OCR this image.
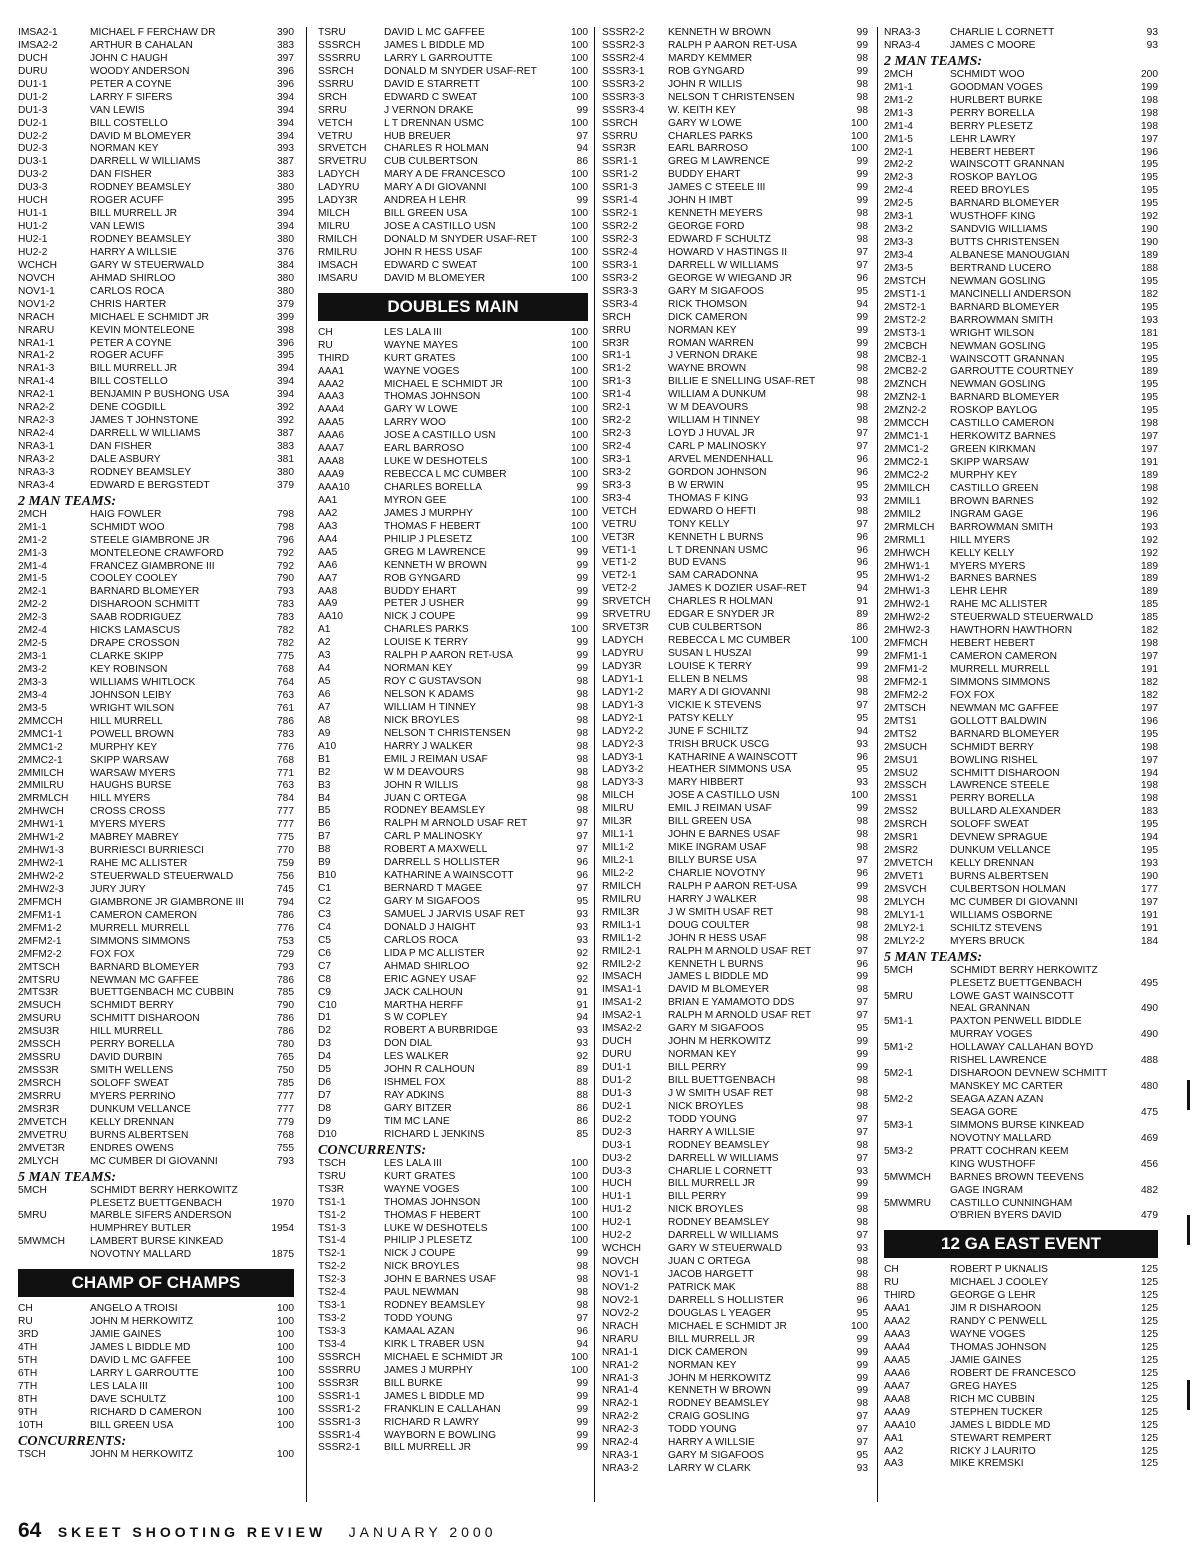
IMSA2-1	MICHAEL F FERCHAW DR	390
IMSA2-2	ARTHUR B CAHALAN	383
DUCH	JOHN C HAUGH	397
DURU	WOODY ANDERSON	396
DU1-1	PETER A COYNE	396
DU1-2	LARRY F SIFERS	394
DU1-3	VAN LEWIS	394
DU2-1	BILL COSTELLO	394
DU2-2	DAVID M BLOMEYER	394
DU2-3	NORMAN KEY	393
DU3-1	DARRELL W WILLIAMS	387
DU3-2	DAN FISHER	383
DU3-3	RODNEY BEAMSLEY	380
HUCH	ROGER ACUFF	395
HU1-1	BILL MURRELL JR	394
HU1-2	VAN LEWIS	394
HU2-1	RODNEY BEAMSLEY	380
HU2-2	HARRY A WILLSIE	376
WCHCH	GARY W STEUERWALD	384
NOVCH	AHMAD SHIRLOO	380
NOV1-1	CARLOS ROCA	380
NOV1-2	CHRIS HARTER	379
NRACH	MICHAEL E SCHMIDT JR	399
NRARU	KEVIN MONTELEONE	398
NRA1-1	PETER A COYNE	396
NRA1-2	ROGER ACUFF	395
NRA1-3	BILL MURRELL JR	394
NRA1-4	BILL COSTELLO	394
NRA2-1	BENJAMIN P BUSHONG USA	394
NRA2-2	DENE COGDILL	392
NRA2-3	JAMES T JOHNSTONE	392
NRA2-4	DARRELL W WILLIAMS	387
NRA3-1	DAN FISHER	383
NRA3-2	DALE ASBURY	381
NRA3-3	RODNEY BEAMSLEY	380
NRA3-4	EDWARD E BERGSTEDT	379
2 MAN TEAMS:
2MCH	HAIG FOWLER	798
2M1-1	SCHMIDT WOO	798
2M1-2	STEELE GIAMBRONE JR	796
2M1-3	MONTELEONE CRAWFORD	792
2M1-4	FRANCEZ GIAMBRONE III	792
2M1-5	COOLEY COOLEY	790
2M2-1	BARNARD BLOMEYER	793
2M2-2	DISHAROON SCHMITT	783
2M2-3	SAAB RODRIGUEZ	783
2M2-4	HICKS LAMASCUS	782
2M2-5	DRAPE CROSSON	782
2M3-1	CLARKE SKIPP	775
2M3-2	KEY ROBINSON	768
2M3-3	WILLIAMS WHITLOCK	764
2M3-4	JOHNSON LEIBY	763
2M3-5	WRIGHT WILSON	761
2MMCCH	HILL MURRELL	786
2MMC1-1	POWELL BROWN	783
2MMC1-2	MURPHY KEY	776
2MMC2-1	SKIPP WARSAW	768
2MMILCH	WARSAW MYERS	771
2MMILRU	HAUGHS BURSE	763
2MRMLCH	HILL MYERS	784
2MHWCH	CROSS CROSS	777
2MHW1-1	MYERS MYERS	777
2MHW1-2	MABREY MABREY	775
2MHW1-3	BURRIESCI BURRIESCI	770
2MHW2-1	RAHE MC ALLISTER	759
2MHW2-2	STEUERWALD STEUERWALD	756
2MHW2-3	JURY JURY	745
2MFMCH	GIAMBRONE JR GIAMBRONE III	794
2MFM1-1	CAMERON CAMERON	786
2MFM1-2	MURRELL MURRELL	776
2MFM2-1	SIMMONS SIMMONS	753
2MFM2-2	FOX FOX	729
2MTSCH	BARNARD BLOMEYER	793
2MTSRU	NEWMAN MC GAFFEE	786
2MTS3R	BUETTGENBACH MC CUBBIN	785
2MSUCH	SCHMIDT BERRY	790
2MSURU	SCHMITT DISHAROON	786
2MSU3R	HILL MURRELL	786
2MSSCH	PERRY BORELLA	780
2MSSRU	DAVID DURBIN	765
2MSS3R	SMITH WELLENS	750
2MSRCH	SOLOFF SWEAT	785
2MSRRU	MYERS PERRINO	777
2MSR3R	DUNKUM VELLANCE	777
2MVETCH	KELLY DRENNAN	779
2MVETRU	BURNS ALBERTSEN	768
2MVET3R	ENDRES OWENS	755
2MLYCH	MC CUMBER DI GIOVANNI	793
5 MAN TEAMS:
5MCH	SCHMIDT BERRY HERKOWITZ
PLESETZ BUETTGENBACH	1970
5MRU	MARBLE SIFERS ANDERSON
HUMPHREY BUTLER	1954
5MWMCH	LAMBERT BURSE KINKEAD
NOVOTNY MALLARD	1875
CHAMP OF CHAMPS
CH	ANGELO A TROISI	100
RU	JOHN M HERKOWITZ	100
3RD	JAMIE GAINES	100
4TH	JAMES L BIDDLE MD	100
5TH	DAVID L MC GAFFEE	100
6TH	LARRY L GARROUTTE	100
7TH	LES LALA III	100
8TH	DAVE SCHULTZ	100
9TH	RICHARD D CAMERON	100
10TH	BILL GREEN USA	100
CONCURRENTS:
TSCH	JOHN M HERKOWITZ	100
TSRU	DAVID L MC GAFFEE	100
SSSRCH	JAMES L BIDDLE MD	100
SSSRRU	LARRY L GARROUTTE	100
SSRCH	DONALD M SNYDER USAF-RET	100
SSRRU	DAVID E STARRETT	100
SRCH	EDWARD C SWEAT	100
SRRU	J VERNON DRAKE	99
VETCH	L T DRENNAN USMC	100
VETRU	HUB BREUER	97
SRVETCH	CHARLES R HOLMAN	94
SRVETRU	CUB CULBERTSON	86
LADYCH	MARY A DE FRANCESCO	100
LADYRU	MARY A DI GIOVANNI	100
LADY3R	ANDREA H LEHR	99
MILCH	BILL GREEN USA	100
MILRU	JOSE A CASTILLO USN	100
RMILCH	DONALD M SNYDER USAF-RET	100
RMILRU	JOHN R HESS USAF	100
IMSACH	EDWARD C SWEAT	100
IMSARU	DAVID M BLOMEYER	100
DOUBLES MAIN
CH	LES LALA III	100
RU	WAYNE MAYES	100
THIRD	KURT GRATES	100
AAA1	WAYNE VOGES	100
AAA2	MICHAEL E SCHMIDT JR	100
AAA3	THOMAS JOHNSON	100
AAA4	GARY W LOWE	100
AAA5	LARRY WOO	100
AAA6	JOSE A CASTILLO USN	100
AAA7	EARL BARROSO	100
AAA8	LUKE W DESHOTELS	100
AAA9	REBECCA L MC CUMBER	100
AAA10	CHARLES BORELLA	99
AA1	MYRON GEE	100
AA2	JAMES J MURPHY	100
AA3	THOMAS F HEBERT	100
AA4	PHILIP J PLESETZ	100
AA5	GREG M LAWRENCE	99
AA6	KENNETH W BROWN	99
AA7	ROB GYNGARD	99
AA8	BUDDY EHART	99
AA9	PETER J USHER	99
AA10	NICK J COUPE	99
A1	CHARLES PARKS	100
A2	LOUISE K TERRY	99
A3	RALPH P AARON RET-USA	99
A4	NORMAN KEY	99
A5	ROY C GUSTAVSON	98
A6	NELSON K ADAMS	98
A7	WILLIAM H TINNEY	98
A8	NICK BROYLES	98
A9	NELSON T CHRISTENSEN	98
A10	HARRY J WALKER	98
B1	EMIL J REIMAN USAF	98
B2	W M DEAVOURS	98
B3	JOHN R WILLIS	98
B4	JUAN C ORTEGA	98
B5	RODNEY BEAMSLEY	98
B6	RALPH M ARNOLD USAF RET	97
B7	CARL P MALINOSKY	97
B8	ROBERT A MAXWELL	97
B9	DARRELL S HOLLISTER	96
B10	KATHARINE A WAINSCOTT	96
C1	BERNARD T MAGEE	97
C2	GARY M SIGAFOOS	95
C3	SAMUEL J JARVIS USAF RET	93
C4	DONALD J HAIGHT	93
C5	CARLOS ROCA	93
C6	LIDA P MC ALLISTER	92
C7	AHMAD SHIRLOO	92
C8	ERIC AGNEY USAF	92
C9	JACK CALHOUN	91
C10	MARTHA HERFF	91
D1	S W COPLEY	94
D2	ROBERT A BURBRIDGE	93
D3	DON DIAL	93
D4	LES WALKER	92
D5	JOHN R CALHOUN	89
D6	ISHMEL FOX	88
D7	RAY ADKINS	88
D8	GARY BITZER	86
D9	TIM MC LANE	86
D10	RICHARD L JENKINS	85
CONCURRENTS:
TSCH	LES LALA III	100
TSRU	KURT GRATES	100
TS3R	WAYNE VOGES	100
TS1-1	THOMAS JOHNSON	100
TS1-2	THOMAS F HEBERT	100
TS1-3	LUKE W DESHOTELS	100
TS1-4	PHILIP J PLESETZ	100
TS2-1	NICK J COUPE	99
TS2-2	NICK BROYLES	98
TS2-3	JOHN E BARNES USAF	98
TS2-4	PAUL NEWMAN	98
TS3-1	RODNEY BEAMSLEY	98
TS3-2	TODD YOUNG	97
TS3-3	KAMAAL AZAN	96
TS3-4	KIRK L TRABER USN	94
SSSRCH	MICHAEL E SCHMIDT JR	100
SSSRRU	JAMES J MURPHY	100
SSSR3R	BILL BURKE	99
SSSR1-1	JAMES L BIDDLE MD	99
SSSR1-2	FRANKLIN E CALLAHAN	99
SSSR1-3	RICHARD R LAWRY	99
SSSR1-4	WAYBORN E BOWLING	99
SSSR2-1	BILL MURRELL JR	99
SSSR2-2	KENNETH W BROWN	99
SSSR2-3	RALPH P AARON RET-USA	99
SSSR2-4	MARDY KEMMER	98
SSSR3-1	ROB GYNGARD	99
SSSR3-2	JOHN R WILLIS	98
SSSR3-3	NELSON T CHRISTENSEN	98
SSSR3-4	W. KEITH KEY	98
SSRCH	GARY W LOWE	100
SSRRU	CHARLES PARKS	100
SSR3R	EARL BARROSO	100
SSR1-1	GREG M LAWRENCE	99
SSR1-2	BUDDY EHART	99
SSR1-3	JAMES C STEELE III	99
SSR1-4	JOHN H IMBT	99
SSR2-1	KENNETH MEYERS	98
SSR2-2	GEORGE FORD	98
SSR2-3	EDWARD F SCHULTZ	98
SSR2-4	HOWARD V HASTINGS II	97
SSR3-1	DARRELL W WILLIAMS	97
SSR3-2	GEORGE W WIEGAND JR	96
SSR3-3	GARY M SIGAFOOS	95
SSR3-4	RICK THOMSON	94
SRCH	DICK CAMERON	99
SRRU	NORMAN KEY	99
SR3R	ROMAN WARREN	99
SR1-1	J VERNON DRAKE	98
SR1-2	WAYNE BROWN	98
SR1-3	BILLIE E SNELLING USAF-RET	98
SR1-4	WILLIAM A DUNKUM	98
SR2-1	W M DEAVOURS	98
SR2-2	WILLIAM H TINNEY	98
SR2-3	LOYD J HUVAL JR	97
SR2-4	CARL P MALINOSKY	97
SR3-1	ARVEL MENDENHALL	96
SR3-2	GORDON JOHNSON	96
SR3-3	B W ERWIN	95
SR3-4	THOMAS F KING	93
VETCH	EDWARD O HEFTI	98
VETRU	TONY KELLY	97
VET3R	KENNETH L BURNS	96
VET1-1	L T DRENNAN USMC	96
VET1-2	BUD EVANS	96
VET2-1	SAM CARADONNA	95
VET2-2	JAMES K DOZIER USAF-RET	94
SRVETCH	CHARLES R HOLMAN	91
SRVETRU	EDGAR E SNYDER JR	89
SRVET3R	CUB CULBERTSON	86
LADYCH	REBECCA L MC CUMBER	100
LADYRU	SUSAN L HUSZAI	99
LADY3R	LOUISE K TERRY	99
LADY1-1	ELLEN B NELMS	98
LADY1-2	MARY A DI GIOVANNI	98
LADY1-3	VICKIE K STEVENS	97
LADY2-1	PATSY KELLY	95
LADY2-2	JUNE F SCHILTZ	94
LADY2-3	TRISH BRUCK USCG	93
LADY3-1	KATHARINE A WAINSCOTT	96
LADY3-2	HEATHER SIMMONS USA	95
LADY3-3	MARY HIBBERT	93
MILCH	JOSE A CASTILLO USN	100
MILRU	EMIL J REIMAN USAF	99
MIL3R	BILL GREEN USA	98
MIL1-1	JOHN E BARNES USAF	98
MIL1-2	MIKE INGRAM USAF	98
MIL2-1	BILLY BURSE USA	97
MIL2-2	CHARLIE NOVOTNY	96
RMILCH	RALPH P AARON RET-USA	99
RMILRU	HARRY J WALKER	98
RMIL3R	J W SMITH USAF RET	98
RMIL1-1	DOUG COULTER	98
RMIL1-2	JOHN R HESS USAF	98
RMIL2-1	RALPH M ARNOLD USAF RET	97
RMIL2-2	KENNETH L BURNS	96
IMSACH	JAMES L BIDDLE MD	99
IMSA1-1	DAVID M BLOMEYER	98
IMSA1-2	BRIAN E YAMAMOTO DDS	97
IMSA2-1	RALPH M ARNOLD USAF RET	97
IMSA2-2	GARY M SIGAFOOS	95
DUCH	JOHN M HERKOWITZ	99
DURU	NORMAN KEY	99
DU1-1	BILL PERRY	99
DU1-2	BILL BUETTGENBACH	98
DU1-3	J W SMITH USAF RET	98
DU2-1	NICK BROYLES	98
DU2-2	TODD YOUNG	97
DU2-3	HARRY A WILLSIE	97
DU3-1	RODNEY BEAMSLEY	98
DU3-2	DARRELL W WILLIAMS	97
DU3-3	CHARLIE L CORNETT	93
HUCH	BILL MURRELL JR	99
HU1-1	BILL PERRY	99
HU1-2	NICK BROYLES	98
HU2-1	RODNEY BEAMSLEY	98
HU2-2	DARRELL W WILLIAMS	97
WCHCH	GARY W STEUERWALD	93
NOVCH	JUAN C ORTEGA	98
NOV1-1	JACOB HARGETT	98
NOV1-2	PATRICK MAK	88
NOV2-1	DARRELL S HOLLISTER	96
NOV2-2	DOUGLAS L YEAGER	95
NRACH	MICHAEL E SCHMIDT JR	100
NRARU	BILL MURRELL JR	99
NRA1-1	DICK CAMERON	99
NRA1-2	NORMAN KEY	99
NRA1-3	JOHN M HERKOWITZ	99
NRA1-4	KENNETH W BROWN	99
NRA2-1	RODNEY BEAMSLEY	98
NRA2-2	CRAIG GOSLING	97
NRA2-3	TODD YOUNG	97
NRA2-4	HARRY A WILLSIE	97
NRA3-1	GARY M SIGAFOOS	95
NRA3-2	LARRY W CLARK	93
NRA3-3	CHARLIE L CORNETT	93
NRA3-4	JAMES C MOORE	93
2 MAN TEAMS:
2MCH	SCHMIDT WOO	200
2M1-1	GOODMAN VOGES	199
2M1-2	HURLBERT BURKE	198
2M1-3	PERRY BORELLA	198
2M1-4	BERRY PLESETZ	198
2M1-5	LEHR LAWRY	197
2M2-1	HEBERT HEBERT	196
2M2-2	WAINSCOTT GRANNAN	195
2M2-3	ROSKOP BAYLOG	195
2M2-4	REED BROYLES	195
2M2-5	BARNARD BLOMEYER	195
2M3-1	WUSTHOFF KING	192
2M3-2	SANDVIG WILLIAMS	190
2M3-3	BUTTS CHRISTENSEN	190
2M3-4	ALBANESE MANOUGIAN	189
2M3-5	BERTRAND LUCERO	188
2MSTCH	NEWMAN GOSLING	195
2MST1-1	MANCINELLI ANDERSON	182
2MST2-1	BARNARD BLOMEYER	195
2MST2-2	BARROWMAN SMITH	193
2MST3-1	WRIGHT WILSON	181
2MCBCH	NEWMAN GOSLING	195
2MCB2-1	WAINSCOTT GRANNAN	195
2MCB2-2	GARROUTTE COURTNEY	189
2MZNCH	NEWMAN GOSLING	195
2MZN2-1	BARNARD BLOMEYER	195
2MZN2-2	ROSKOP BAYLOG	195
2MMCCH	CASTILLO CAMERON	198
2MMC1-1	HERKOWITZ BARNES	197
2MMC1-2	GREEN KIRKMAN	197
2MMC2-1	SKIPP WARSAW	191
2MMC2-2	MURPHY KEY	189
2MMILCH	CASTILLO GREEN	198
2MMIL1	BROWN BARNES	192
2MMIL2	INGRAM GAGE	196
2MRMLCH	BARROWMAN SMITH	193
2MRML1	HILL MYERS	192
2MHWCH	KELLY KELLY	192
2MHW1-1	MYERS MYERS	189
2MHW1-2	BARNES BARNES	189
2MHW1-3	LEHR LEHR	189
2MHW2-1	RAHE MC ALLISTER	185
2MHW2-2	STEUERWALD STEUERWALD	185
2MHW2-3	HAWTHORN HAWTHORN	182
2MFMCH	HEBERT HEBERT	198
2MFM1-1	CAMERON CAMERON	197
2MFM1-2	MURRELL MURRELL	191
2MFM2-1	SIMMONS SIMMONS	182
2MFM2-2	FOX FOX	182
2MTSCH	NEWMAN MC GAFFEE	197
2MTS1	GOLLOTT BALDWIN	196
2MTS2	BARNARD BLOMEYER	195
2MSUCH	SCHMIDT BERRY	198
2MSU1	BOWLING RISHEL	197
2MSU2	SCHMITT DISHAROON	194
2MSSCH	LAWRENCE STEELE	198
2MSS1	PERRY BORELLA	198
2MSS2	BULLARD ALEXANDER	183
2MSRCH	SOLOFF SWEAT	195
2MSR1	DEVNEW SPRAGUE	194
2MSR2	DUNKUM VELLANCE	195
2MVETCH	KELLY DRENNAN	193
2MVET1	BURNS ALBERTSEN	190
2MSVCH	CULBERTSON HOLMAN	177
2MLYCH	MC CUMBER DI GIOVANNI	197
2MLY1-1	WILLIAMS OSBORNE	191
2MLY2-1	SCHILTZ STEVENS	191
2MLY2-2	MYERS BRUCK	184
5 MAN TEAMS:
5MCH	SCHMIDT BERRY HERKOWITZ
PLESETZ BUETTGENBACH	495
5MRU	LOWE GAST WAINSCOTT
NEAL GRANNAN	490
5M1-1	PAXTON PENWELL BIDDLE
MURRAY VOGES	490
5M1-2	HOLLAWAY CALLAHAN BOYD
RISHEL LAWRENCE	488
5M2-1	DISHAROON DEVNEW SCHMITT
MANSKEY MC CARTER	480
5M2-2	SEAGA AZAN AZAN
SEAGA GORE	475
5M3-1	SIMMONS BURSE KINKEAD
NOVOTNY MALLARD	469
5M3-2	PRATT COCHRAN KEEM
KING WUSTHOFF	456
5MWMCH	BARNES BROWN TEEVENS
GAGE INGRAM	482
5MWMRU	CASTILLO CUNNINGHAM
O'BRIEN BYERS DAVID	479
12 GA EAST EVENT
CH	ROBERT P UKNALIS	125
RU	MICHAEL J COOLEY	125
THIRD	GEORGE G LEHR	125
AAA1	JIM R DISHAROON	125
AAA2	RANDY C PENWELL	125
AAA3	WAYNE VOGES	125
AAA4	THOMAS JOHNSON	125
AAA5	JAMIE GAINES	125
AAA6	ROBERT DE FRANCESCO	125
AAA7	GREG HAYES	125
AAA8	RICH MC CUBBIN	125
AAA9	STEPHEN TUCKER	125
AAA10	JAMES L BIDDLE MD	125
AA1	STEWART REMPERT	125
AA2	RICKY J LAURITO	125
AA3	MIKE KREMSKI	125
64 SKEET SHOOTING REVIEW JANUARY 2000
